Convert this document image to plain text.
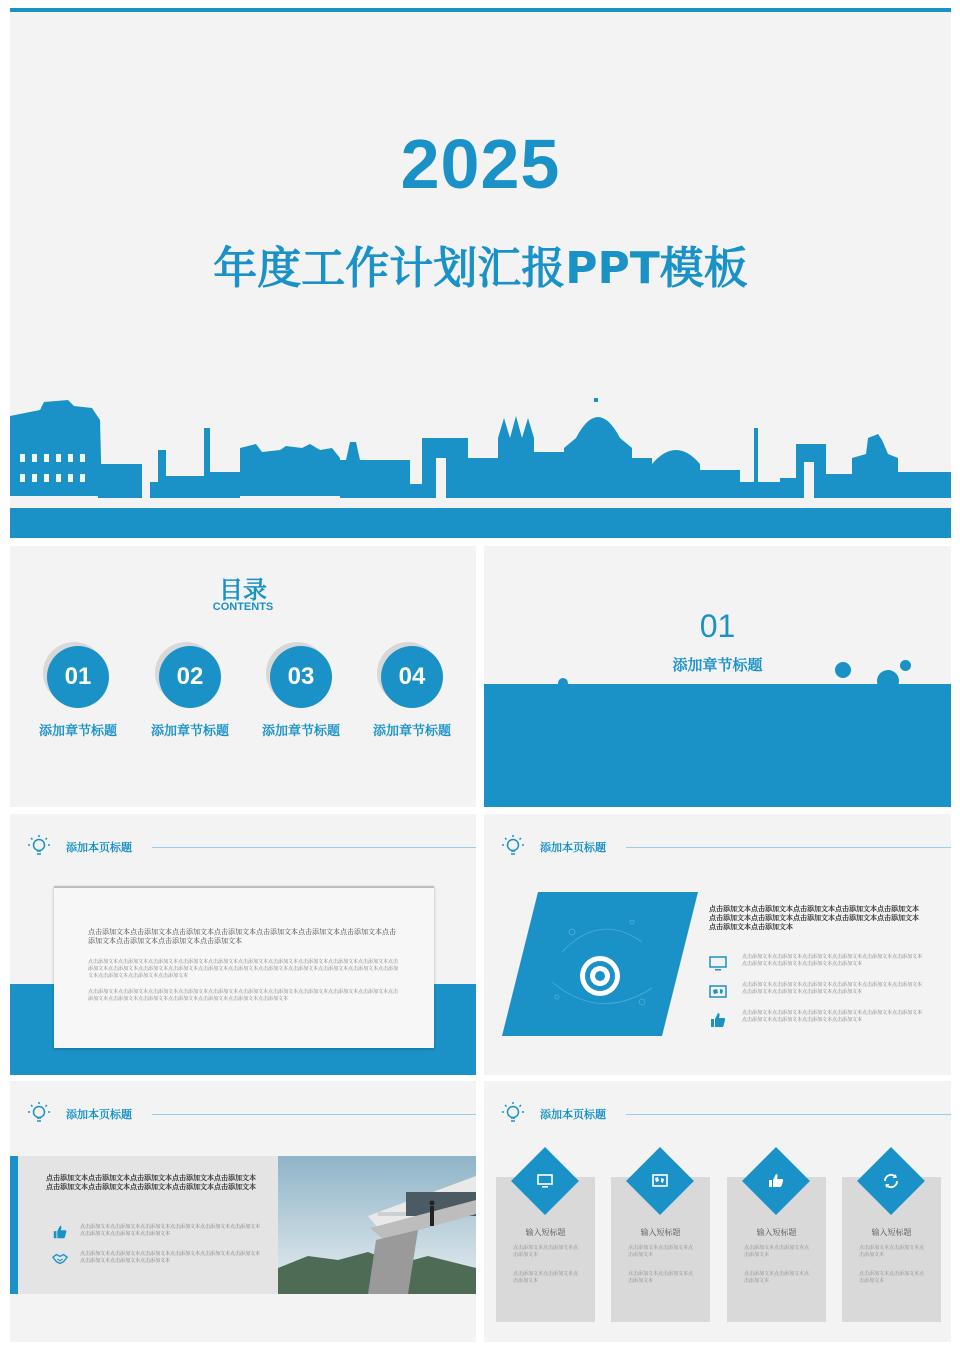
2025
年度工作计划汇报PPT模板
目录
CONTENTS
01
添加章节标题
02
添加章节标题
03
添加章节标题
04
添加章节标题
01
添加章节标题
添加本页标题
点击添加文本点击添加文本点击添加文本点击添加文本点击添加文本点击添加文本点击添加文本点击添加文本点击添加文本点击添加文本点击添加文本
点击添加文本点击添加文本点击添加文本点击添加文本点击添加文本点击添加文本点击添加文本点击添加文本点击添加文本点击添加文本点击添加文本点击添加文本点击添加文本点击添加文本点击添加文本点击添加文本点击添加文本点击添加文本点击添加文本点击添加文本点击添加文本点击添加文本点击添加文本点击添加文本
点击添加文本点击添加文本点击添加文本点击添加文本点击添加文本点击添加文本点击添加文本点击添加文本点击添加文本点击添加文本点击添加文本点击添加文本点击添加文本点击添加文本点击添加文本点击添加文本点击添加文本
添加本页标题
点击添加文本点击添加文本点击添加文本点击添加文本点击添加文本点击添加文本点击添加文本点击添加文本点击添加文本点击添加文本点击添加文本点击添加文本
点击添加文本点击添加文本点击添加文本点击添加文本点击添加文本点击添加文本点击添加文本点击添加文本点击添加文本点击添加文本
点击添加文本点击添加文本点击添加文本点击添加文本点击添加文本点击添加文本点击添加文本点击添加文本点击添加文本点击添加文本
点击添加文本点击添加文本点击添加文本点击添加文本点击添加文本点击添加文本点击添加文本点击添加文本点击添加文本点击添加文本
添加本页标题
点击添加文本点击添加文本点击添加文本点击添加文本点击添加文本点击添加文本点击添加文本点击添加文本点击添加文本点击添加文本
点击添加文本点击添加文本点击添加文本点击添加文本点击添加文本点击添加文本点击添加文本点击添加文本点击添加文本
点击添加文本点击添加文本点击添加文本点击添加文本点击添加文本点击添加文本点击添加文本点击添加文本点击添加文本
添加本页标题
输入短标题
点击添加文本点击添加文本点击添加文本
点击添加文本点击添加文本点击添加文本
输入短标题
点击添加文本点击添加文本点击添加文本
点击添加文本点击添加文本点击添加文本
输入短标题
点击添加文本点击添加文本点击添加文本
点击添加文本点击添加文本点击添加文本
输入短标题
点击添加文本点击添加文本点击添加文本
点击添加文本点击添加文本点击添加文本
